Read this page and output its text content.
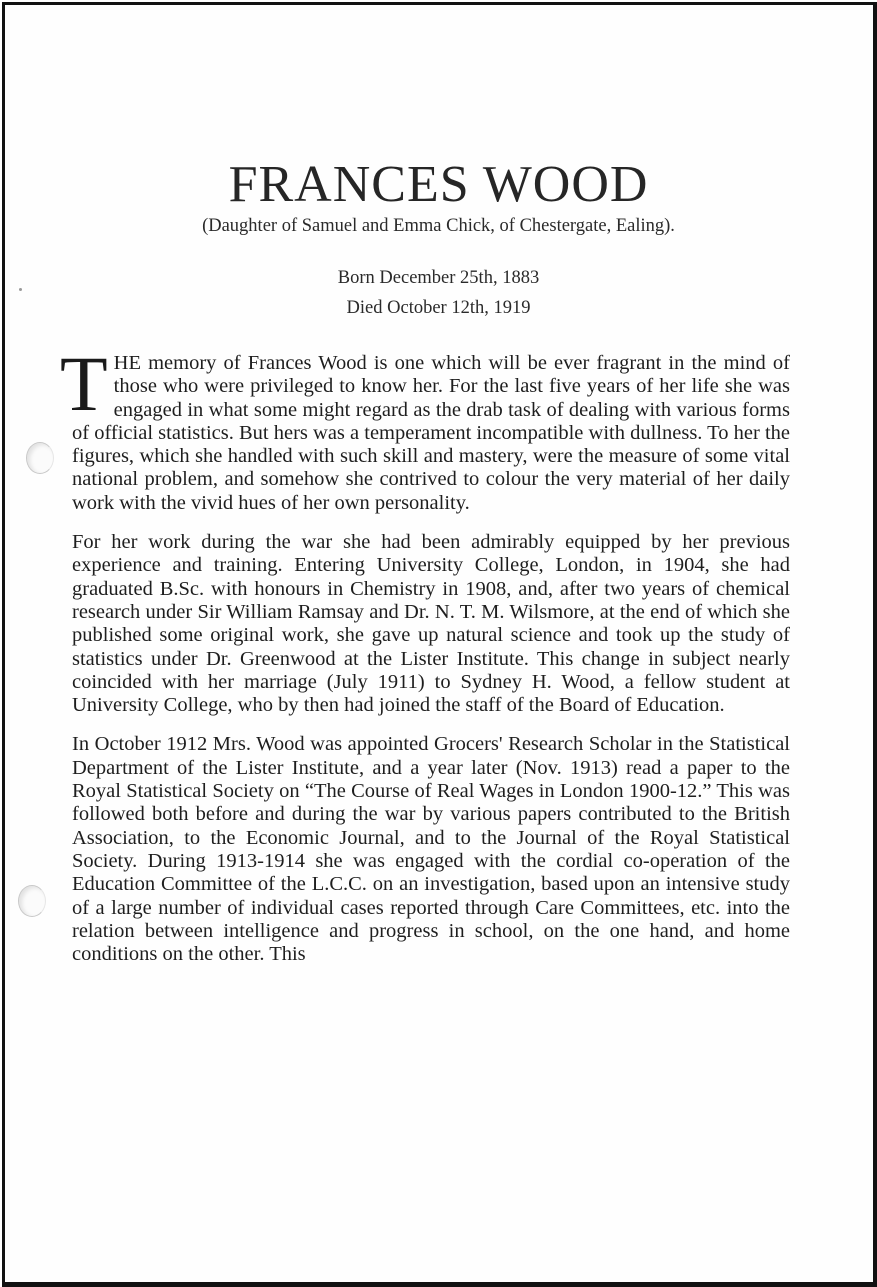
FRANCES WOOD
(Daughter of Samuel and Emma Chick, of Chestergate, Ealing).
Born December 25th, 1883
Died October 12th, 1919

THE memory of Frances Wood is one which will be ever fragrant in the mind of those who were privileged to know her. For the last five years of her life she was engaged in what some might regard as the drab task of dealing with various forms of official statistics. But hers was a temperament incompatible with dullness. To her the figures, which she handled with such skill and mastery, were the measure of some vital national problem, and somehow she contrived to colour the very material of her daily work with the vivid hues of her own personality.

For her work during the war she had been admirably equipped by her previous experience and training. Entering University College, London, in 1904, she had graduated B.Sc. with honours in Chemistry in 1908, and, after two years of chemical research under Sir William Ramsay and Dr. N. T. M. Wilsmore, at the end of which she published some original work, she gave up natural science and took up the study of statistics under Dr. Greenwood at the Lister Institute. This change in subject nearly coincided with her marriage (July 1911) to Sydney H. Wood, a fellow student at University College, who by then had joined the staff of the Board of Education.

In October 1912 Mrs. Wood was appointed Grocers' Research Scholar in the Statistical Department of the Lister Institute, and a year later (Nov. 1913) read a paper to the Royal Statistical Society on “The Course of Real Wages in London 1900-12.” This was followed both before and during the war by various papers contributed to the British Association, to the Economic Journal, and to the Journal of the Royal Statistical Society. During 1913-1914 she was engaged with the cordial co-operation of the Education Committee of the L.C.C. on an investigation, based upon an intensive study of a large number of individual cases reported through Care Committees, etc. into the relation between intelligence and progress in school, on the one hand, and home conditions on the other. This
